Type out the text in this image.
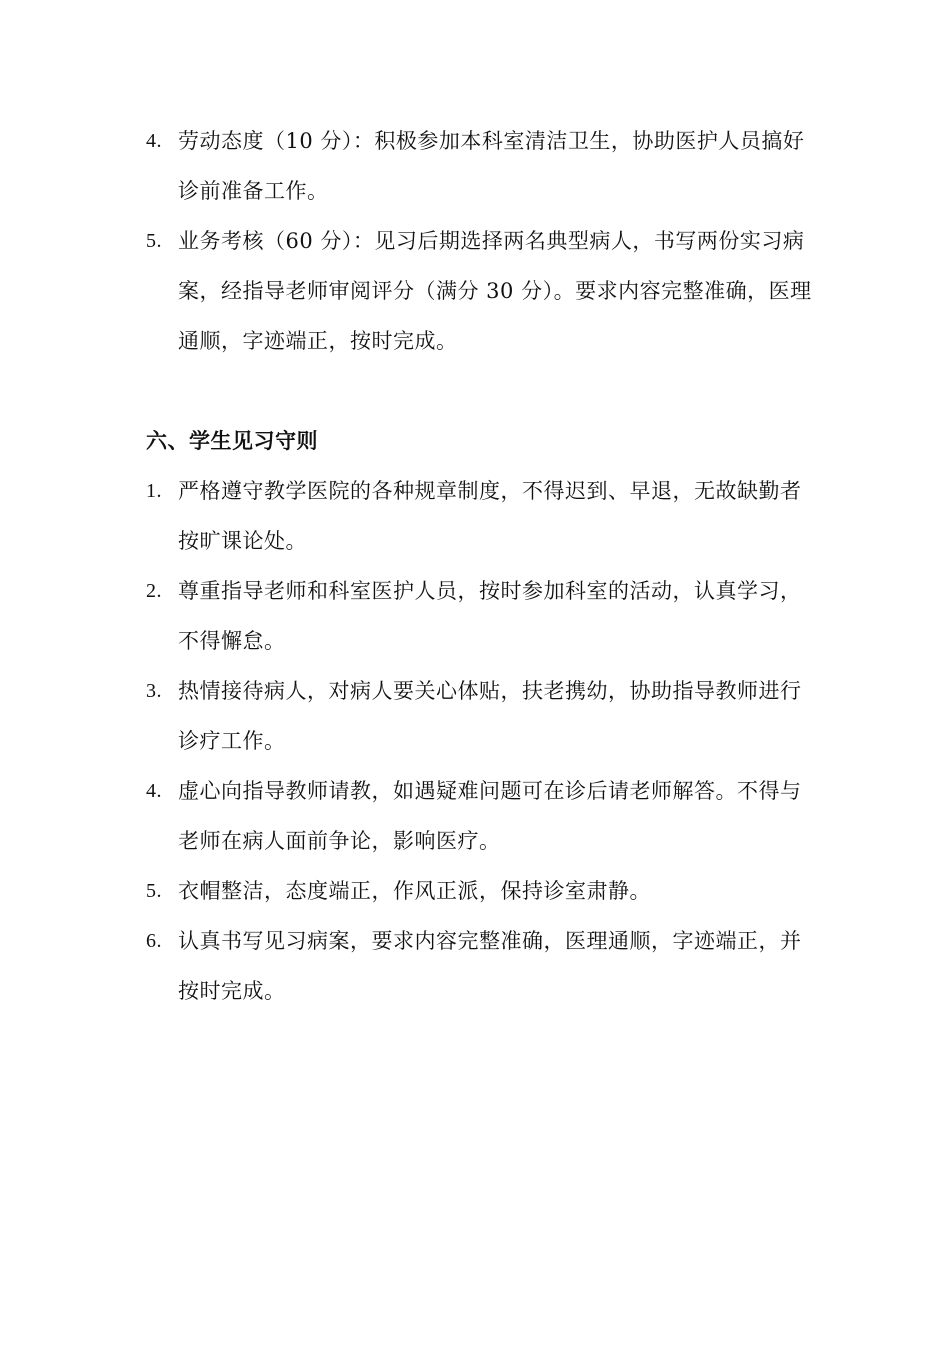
4. 劳动态度（10 分）：积极参加本科室清洁卫生，协助医护人员搞好诊前准备工作。
5. 业务考核（60 分）：见习后期选择两名典型病人，书写两份实习病案，经指导老师审阅评分（满分 30 分）。要求内容完整准确，医理通顺，字迹端正，按时完成。
六、学生见习守则
1. 严格遵守教学医院的各种规章制度，不得迟到、早退，无故缺勤者按旷课论处。
2. 尊重指导老师和科室医护人员，按时参加科室的活动，认真学习，不得懈怠。
3. 热情接待病人，对病人要关心体贴，扶老携幼，协助指导教师进行诊疗工作。
4. 虚心向指导教师请教，如遇疑难问题可在诊后请老师解答。不得与老师在病人面前争论，影响医疗。
5. 衣帽整洁，态度端正，作风正派，保持诊室肃静。
6. 认真书写见习病案，要求内容完整准确，医理通顺，字迹端正，并按时完成。
